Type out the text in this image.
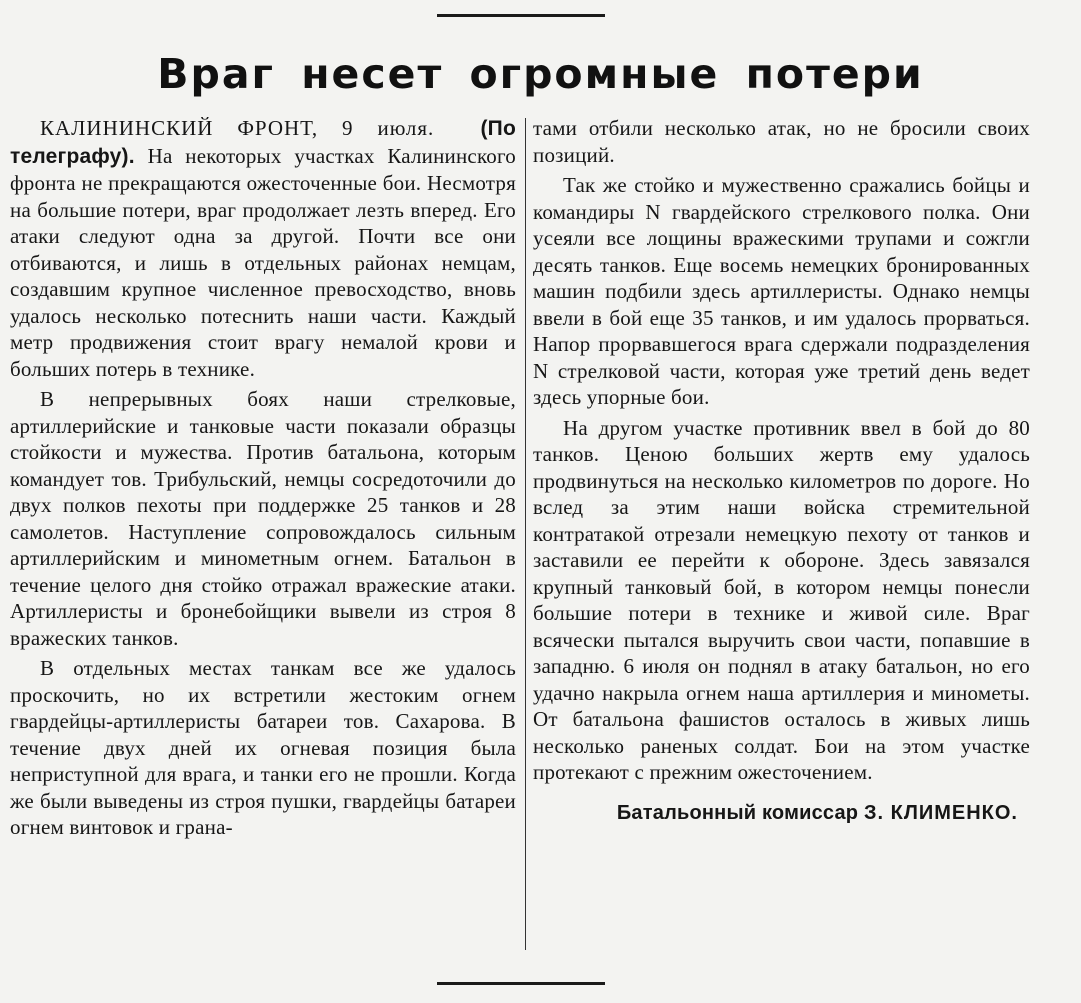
Враг несет огромные потери

КАЛИНИНСКИЙ ФРОНТ, 9 июля. (По телеграфу). На некоторых участках Калининского фронта не прекращаются ожесточенные бои. Несмотря на большие потери, враг продолжает лезть вперед. Его атаки следуют одна за другой. Почти все они отбиваются, и лишь в отдельных районах немцам, создавшим крупное численное превосходство, вновь удалось несколько потеснить наши части. Каждый метр продвижения стоит врагу немалой крови и больших потерь в технике.

В непрерывных боях наши стрелковые, артиллерийские и танковые части показали образцы стойкости и мужества. Против батальона, которым командует тов. Трибульский, немцы сосредоточили до двух полков пехоты при поддержке 25 танков и 28 самолетов. Наступление сопровождалось сильным артиллерийским и минометным огнем. Батальон в течение целого дня стойко отражал вражеские атаки. Артиллеристы и бронебойщики вывели из строя 8 вражеских танков.

В отдельных местах танкам все же удалось проскочить, но их встретили жестоким огнем гвардейцы-артиллеристы батареи тов. Сахарова. В течение двух дней их огневая позиция была неприступной для врага, и танки его не прошли. Когда же были выведены из строя пушки, гвардейцы батареи огнем винтовок и грана-

тами отбили несколько атак, но не бросили своих позиций.

Так же стойко и мужественно сражались бойцы и командиры N гвардейского стрелкового полка. Они усеяли все лощины вражескими трупами и сожгли десять танков. Еще восемь немецких бронированных машин подбили здесь артиллеристы. Однако немцы ввели в бой еще 35 танков, и им удалось прорваться. Напор прорвавшегося врага сдержали подразделения N стрелковой части, которая уже третий день ведет здесь упорные бои.

На другом участке противник ввел в бой до 80 танков. Ценою больших жертв ему удалось продвинуться на несколько километров по дороге. Но вслед за этим наши войска стремительной контратакой отрезали немецкую пехоту от танков и заставили ее перейти к обороне. Здесь завязался крупный танковый бой, в котором немцы понесли большие потери в технике и живой силе. Враг всячески пытался выручить свои части, попавшие в западню. 6 июля он поднял в атаку батальон, но его удачно накрыла огнем наша артиллерия и минометы. От батальона фашистов осталось в живых лишь несколько раненых солдат. Бои на этом участке протекают с прежним ожесточением.

Батальонный комиссар З. КЛИМЕНКО.
